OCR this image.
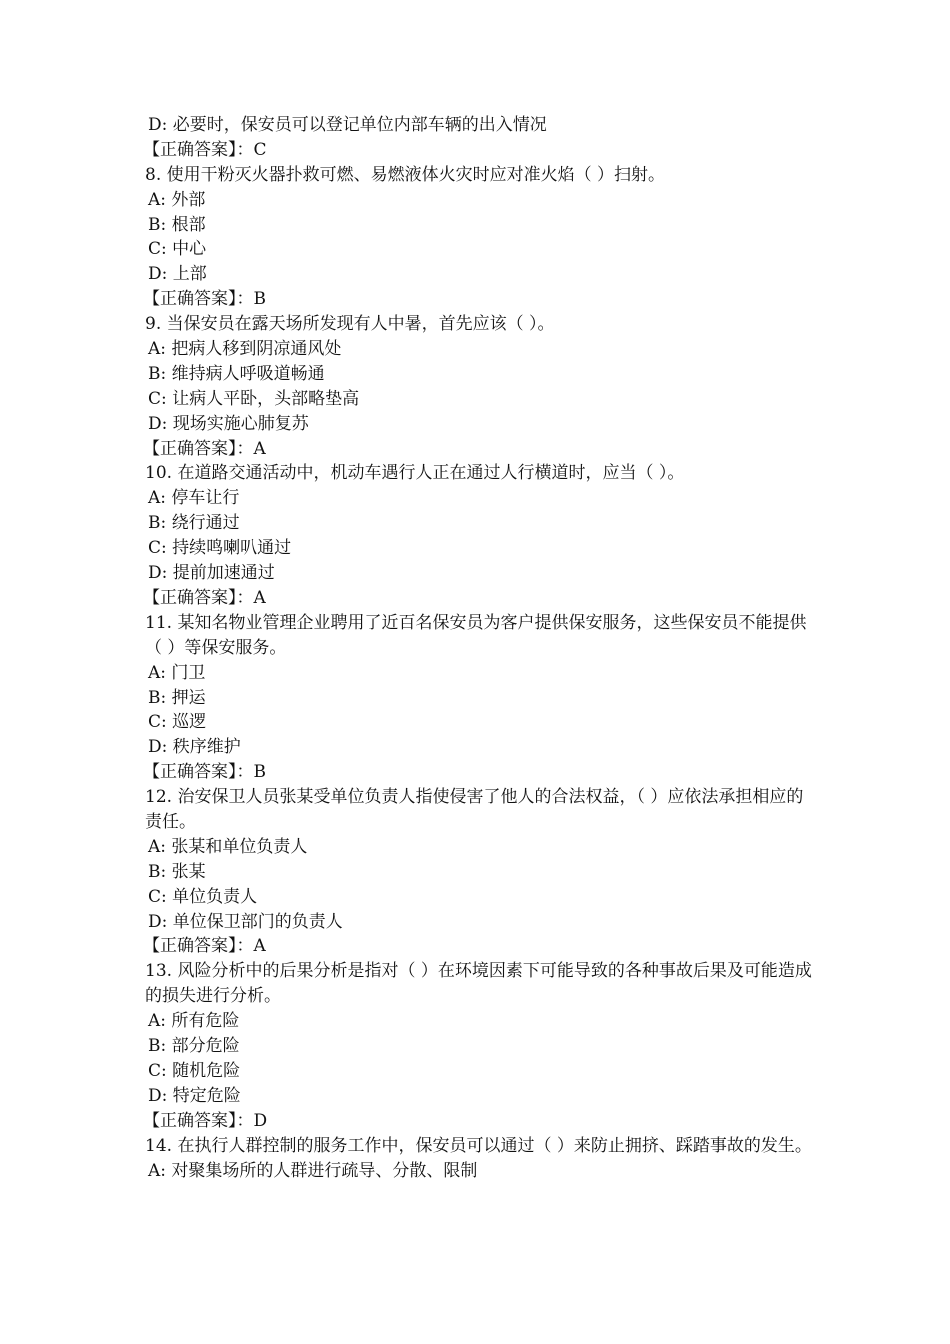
D: 必要时，保安员可以登记单位内部车辆的出入情况
【正确答案】：C
8. 使用干粉灭火器扑救可燃、易燃液体火灾时应对准火焰（ ）扫射。
A: 外部
B: 根部
C: 中心
D: 上部
【正确答案】：B
9. 当保安员在露天场所发现有人中暑，首先应该（ ）。
A: 把病人移到阴凉通风处
B: 维持病人呼吸道畅通
C: 让病人平卧，头部略垫高
D: 现场实施心肺复苏
【正确答案】：A
10. 在道路交通活动中，机动车遇行人正在通过人行横道时，应当（ ）。
A: 停车让行
B: 绕行通过
C: 持续鸣喇叭通过
D: 提前加速通过
【正确答案】：A
11. 某知名物业管理企业聘用了近百名保安员为客户提供保安服务，这些保安员不能提供（ ）等保安服务。
A: 门卫
B: 押运
C: 巡逻
D: 秩序维护
【正确答案】：B
12. 治安保卫人员张某受单位负责人指使侵害了他人的合法权益，（ ）应依法承担相应的责任。
A: 张某和单位负责人
B: 张某
C: 单位负责人
D: 单位保卫部门的负责人
【正确答案】：A
13. 风险分析中的后果分析是指对（ ）在环境因素下可能导致的各种事故后果及可能造成的损失进行分析。
A: 所有危险
B: 部分危险
C: 随机危险
D: 特定危险
【正确答案】：D
14. 在执行人群控制的服务工作中，保安员可以通过（ ）来防止拥挤、踩踏事故的发生。
A: 对聚集场所的人群进行疏导、分散、限制
